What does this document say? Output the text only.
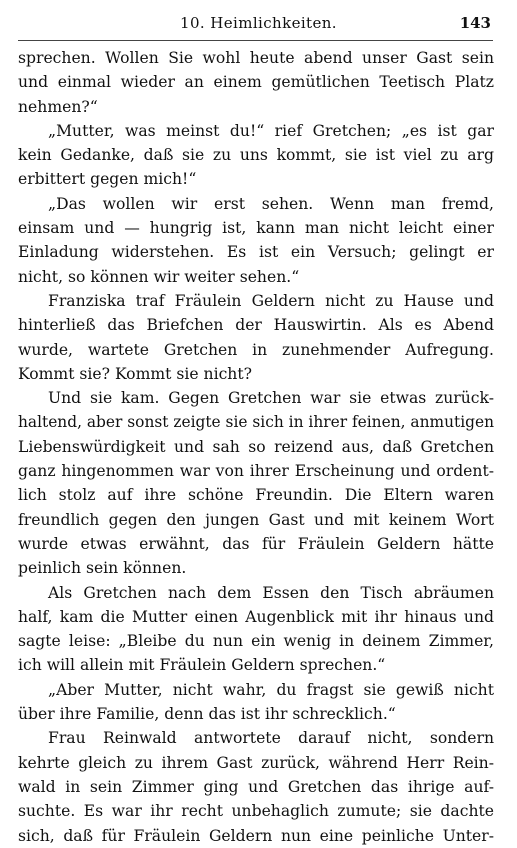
10. Heimlichkeiten.	143
sprechen. Wollen Sie wohl heute abend unser Gast sein
und einmal wieder an einem gemütlichen Teetisch Platz
nehmen?“
„Mutter, was meinst du!“ rief Gretchen; „es ist gar
kein Gedanke, daß sie zu uns kommt, sie ist viel zu arg
erbittert gegen mich!“
„Das wollen wir erst sehen. Wenn man fremd,
einsam und — hungrig ist, kann man nicht leicht einer
Einladung widerstehen. Es ist ein Versuch; gelingt er
nicht, so können wir weiter sehen.“
Franziska traf Fräulein Geldern nicht zu Hause und
hinterließ das Briefchen der Hauswirtin. Als es Abend
wurde, wartete Gretchen in zunehmender Aufregung.
Kommt sie? Kommt sie nicht?
Und sie kam. Gegen Gretchen war sie etwas zurück-
haltend, aber sonst zeigte sie sich in ihrer feinen, anmutigen
Liebenswürdigkeit und sah so reizend aus, daß Gretchen
ganz hingenommen war von ihrer Erscheinung und ordent-
lich stolz auf ihre schöne Freundin. Die Eltern waren
freundlich gegen den jungen Gast und mit keinem Wort
wurde etwas erwähnt, das für Fräulein Geldern hätte
peinlich sein können.
Als Gretchen nach dem Essen den Tisch abräumen
half, kam die Mutter einen Augenblick mit ihr hinaus und
sagte leise: „Bleibe du nun ein wenig in deinem Zimmer,
ich will allein mit Fräulein Geldern sprechen.“
„Aber Mutter, nicht wahr, du fragst sie gewiß nicht
über ihre Familie, denn das ist ihr schrecklich.“
Frau Reinwald antwortete darauf nicht, sondern
kehrte gleich zu ihrem Gast zurück, während Herr Rein-
wald in sein Zimmer ging und Gretchen das ihrige auf-
suchte. Es war ihr recht unbehaglich zumute; sie dachte
sich, daß für Fräulein Geldern nun eine peinliche Unter-
